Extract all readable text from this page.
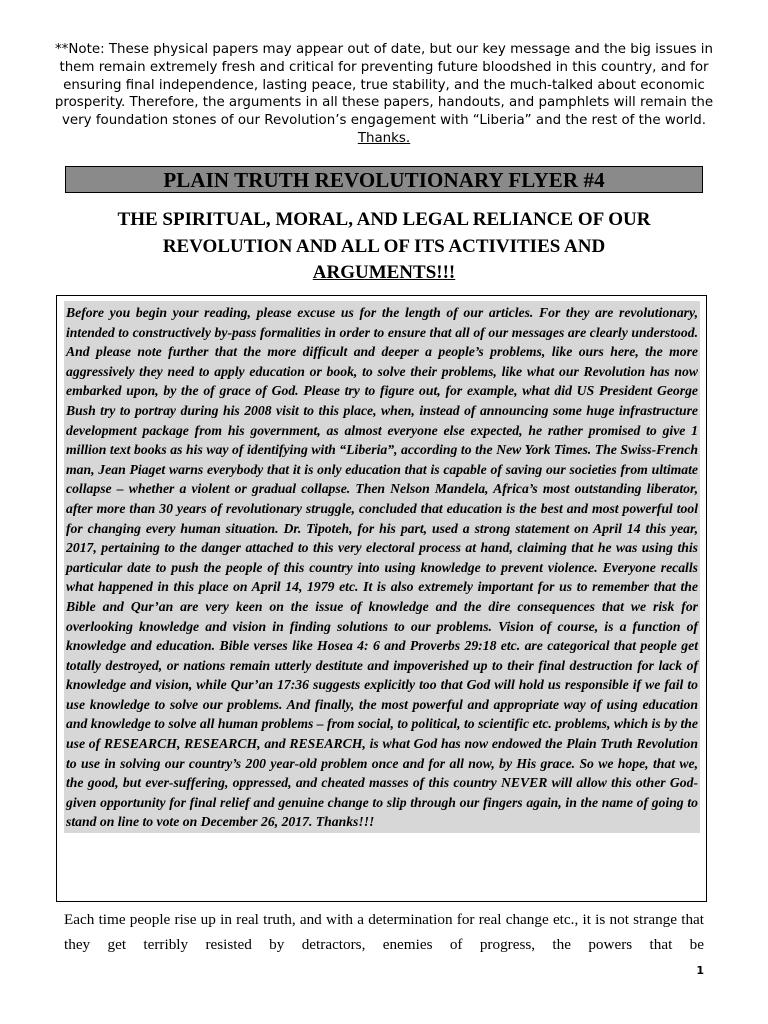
**Note: These physical papers may appear out of date, but our key message and the big issues in them remain extremely fresh and critical for preventing future bloodshed in this country, and for ensuring final independence, lasting peace, true stability, and the much-talked about economic prosperity. Therefore, the arguments in all these papers, handouts, and pamphlets will remain the very foundation stones of our Revolution’s engagement with “Liberia” and the rest of the world. Thanks.

PLAIN TRUTH REVOLUTIONARY FLYER #4

THE SPIRITUAL, MORAL, AND LEGAL RELIANCE OF OUR REVOLUTION AND ALL OF ITS ACTIVITIES AND
ARGUMENTS!!!

Before you begin your reading, please excuse us for the length of our articles. For they are revolutionary, intended to constructively by-pass formalities in order to ensure that all of our messages are clearly understood. And please note further that the more difficult and deeper a people’s problems, like ours here, the more aggressively they need to apply education or book, to solve their problems, like what our Revolution has now embarked upon, by the of grace of God. Please try to figure out, for example, what did US President George Bush try to portray during his 2008 visit to this place, when, instead of announcing some huge infrastructure development package from his government, as almost everyone else expected, he rather promised to give 1 million text books as his way of identifying with “Liberia”, according to the New York Times. The Swiss-French man, Jean Piaget warns everybody that it is only education that is capable of saving our societies from ultimate collapse – whether a violent or gradual collapse. Then Nelson Mandela, Africa’s most outstanding liberator, after more than 30 years of revolutionary struggle, concluded that education is the best and most powerful tool for changing every human situation. Dr. Tipoteh, for his part, used a strong statement on April 14 this year, 2017, pertaining to the danger attached to this very electoral process at hand, claiming that he was using this particular date to push the people of this country into using knowledge to prevent violence. Everyone recalls what happened in this place on April 14, 1979 etc. It is also extremely important for us to remember that the Bible and Qur’an are very keen on the issue of knowledge and the dire consequences that we risk for overlooking knowledge and vision in finding solutions to our problems. Vision of course, is a function of knowledge and education. Bible verses like Hosea 4: 6 and Proverbs 29:18 etc. are categorical that people get totally destroyed, or nations remain utterly destitute and impoverished up to their final destruction for lack of knowledge and vision, while Qur’an 17:36 suggests explicitly too that God will hold us responsible if we fail to use knowledge to solve our problems. And finally, the most powerful and appropriate way of using education and knowledge to solve all human problems – from social, to political, to scientific etc. problems, which is by the use of RESEARCH, RESEARCH, and RESEARCH, is what God has now endowed the Plain Truth Revolution to use in solving our country’s 200 year-old problem once and for all now, by His grace. So we hope, that we, the good, but ever-suffering, oppressed, and cheated masses of this country NEVER will allow this other God-given opportunity for final relief and genuine change to slip through our fingers again, in the name of going to stand on line to vote on December 26, 2017. Thanks!!!

Each time people rise up in real truth, and with a determination for real change etc., it is not strange that they get terribly resisted by detractors, enemies of progress, the powers that be

1
